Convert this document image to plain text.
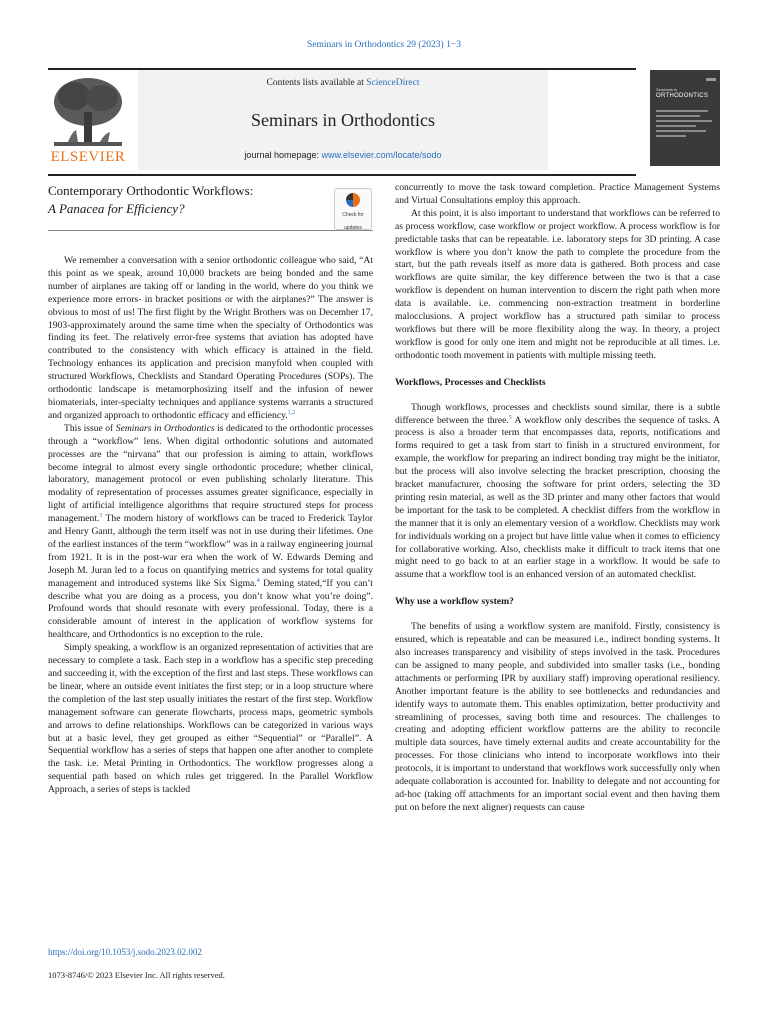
Seminars in Orthodontics 29 (2023) 1−3
ELSEVIER
Contents lists available at ScienceDirect
Seminars in Orthodontics
journal homepage: www.elsevier.com/locate/sodo
Seminars in
ORTHODONTICS
Contemporary Orthodontic Workflows:
A Panacea for Efficiency?	Check for
updates

We remember a conversation with a senior orthodontic colleague who said, “At this point as we speak, around 10,000 brackets are being bonded and the same number of airplanes are taking off or landing in the world, where do you think we experience more errors- in bracket positions or with the airplanes?” The answer is obvious to most of us! The first flight by the Wright Brothers was on December 17, 1903-approximately around the same time when the specialty of Orthodontics was finding its feet. The relatively error-free systems that aviation has adopted have contributed to the consistency with which efficacy is attained in the field. Technology enhances its application and precision manyfold when coupled with structured Workflows, Checklists and Standard Operating Procedures (SOPs). The orthodontic landscape is metamorphosizing itself and the infusion of newer biomaterials, inter-specialty techniques and appliance systems warrants a structured and organized approach to orthodontic efficacy and efficiency.$^{1,2}$

This issue of Seminars in Orthodontics is dedicated to the orthodontic processes through a “workflow” lens. When digital orthodontic solutions and automated processes are the “nirvana” that our profession is aiming to attain, workflows become integral to almost every single orthodontic procedure; whether clinical, laboratory, management protocol or even publishing scholarly literature. This modality of representation of processes assumes greater significance, especially in light of artificial intelligence algorithms that require structured steps for process management.$^3$ The modern history of workflows can be traced to Frederick Taylor and Henry Gantt, although the term itself was not in use during their lifetimes. One of the earliest instances of the term “workflow” was in a railway engineering journal from 1921. It is in the post-war era when the work of W. Edwards Deming and Joseph M. Juran led to a focus on quantifying metrics and systems for total quality management and introduced systems like Six Sigma.$^4$ Deming stated,“If you can’t describe what you are doing as a process, you don’t know what you’re doing”. Profound words that should resonate with every professional. Today, there is a considerable amount of interest in the application of workflow systems for healthcare, and Orthodontics is no exception to the rule.

Simply speaking, a workflow is an organized representation of activities that are necessary to complete a task. Each step in a workflow has a specific step preceding and succeeding it, with the exception of the first and last steps. These workflows can be linear, where an outside event initiates the first step; or in a loop structure where the completion of the last step usually initiates the restart of the first step. Workflow management software can generate flowcharts, process maps, geometric symbols and arrows to define relationships. Workflows can be categorized in various ways but at a basic level, they get grouped as either “Sequential” or “Parallel”. A Sequential workflow has a series of steps that happen one after another to complete the task. i.e. Metal Printing in Orthodontics. The workflow progresses along a sequential path based on which rules get triggered. In the Parallel Workflow Approach, a series of steps is tackled

concurrently to move the task toward completion. Practice Management Systems and Virtual Consultations employ this approach.

At this point, it is also important to understand that workflows can be referred to as process workflow, case workflow or project workflow. A process workflow is for predictable tasks that can be repeatable. i.e. laboratory steps for 3D printing. A case workflow is where you don’t know the path to complete the procedure from the start, but the path reveals itself as more data is gathered. Both process and case workflows are quite similar, the key difference between the two is that a case workflow is dependent on human intervention to discern the right path when more data is available. i.e. commencing non-extraction treatment in borderline malocclusions. A project workflow has a structured path similar to process workflows but there will be more flexibility along the way. In theory, a project workflow is good for only one item and might not be reproducible at all times. i.e. orthodontic tooth movement in patients with multiple missing teeth.

Workflows, Processes and Checklists

Though workflows, processes and checklists sound similar, there is a subtle difference between the three.$^5$ A workflow only describes the sequence of tasks. A process is also a broader term that encompasses data, reports, notifications and forms required to get a task from start to finish in a structured environment, for example, the workflow for preparing an indirect bonding tray might be the initiator, but the process will also involve selecting the bracket prescription, choosing the bracket manufacturer, choosing the software for print orders, selecting the 3D printing resin material, as well as the 3D printer and many other factors that would be important for the task to be completed. A checklist differs from the workflow in the manner that it is only an elementary version of a workflow. Checklists may work for individuals working on a project but have little value when it comes to efficiency for collaborative working. Also, checklists make it difficult to track items that one might need to go back to at an earlier stage in a workflow. It would be safe to assume that a workflow tool is an enhanced version of an automated checklist.

Why use a workflow system?

The benefits of using a workflow system are manifold. Firstly, consistency is ensured, which is repeatable and can be measured i.e., indirect bonding systems. It also increases transparency and visibility of steps involved in the task. Procedures can be assigned to many people, and subdivided into smaller tasks (i.e., bonding attachments or performing IPR by auxiliary staff) improving operational resiliency. Another important feature is the ability to see bottlenecks and redundancies and identify ways to automate them. This enables optimization, better productivity and streamlining of processes, saving both time and resources. The challenges to creating and adopting efficient workflow patterns are the ability to reconcile multiple data sources, have timely external audits and create accountability for the processes. For those clinicians who intend to incorporate workflows into their protocols, it is important to understand that workflows work successfully only when adequate collaboration is accounted for. Inability to delegate and not accounting for ad-hoc (taking off attachments for an important social event and then having them put on before the next aligner) requests can cause

https://doi.org/10.1053/j.sodo.2023.02.002
1073-8746/© 2023 Elsevier Inc. All rights reserved.
